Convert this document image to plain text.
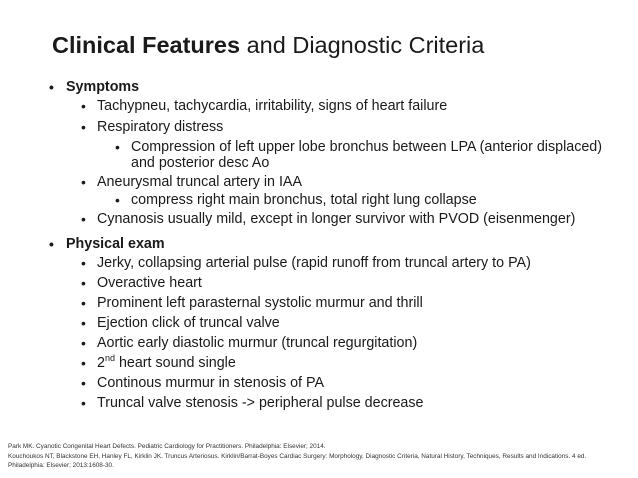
Clinical Features and Diagnostic Criteria
• Symptoms
• Tachypneu, tachycardia, irritability, signs of heart failure
• Respiratory distress
• Compression of left upper lobe bronchus between LPA (anterior displaced)
and posterior desc Ao
• Aneurysmal truncal artery in IAA
• compress right main bronchus, total right lung collapse
• Cynanosis usually mild, except in longer survivor with PVOD (eisenmenger)
• Physical exam
• Jerky, collapsing arterial pulse (rapid runoff from truncal artery to PA)
• Overactive heart
• Prominent left parasternal systolic murmur and thrill
• Ejection click of truncal valve
• Aortic early diastolic murmur (truncal regurgitation)
• 2nd heart sound single
• Continous murmur in stenosis of PA
• Truncal valve stenosis -> peripheral pulse decrease
Park MK. Cyanotic Congenital Heart Defects. Pediatric Cardiology for Practitioners. Philadelphia: Elsevier; 2014.
Kouchoukos NT, Blackstone EH, Hanley FL, Kirklin JK. Truncus Arteriosus. Kirklin/Barrat-Boyes Cardiac Surgery: Morphology, Diagnostic Criteria, Natural History, Techniques, Results and Indications. 4 ed.
Philadelphia: Elsevier; 2013:1608-30.
